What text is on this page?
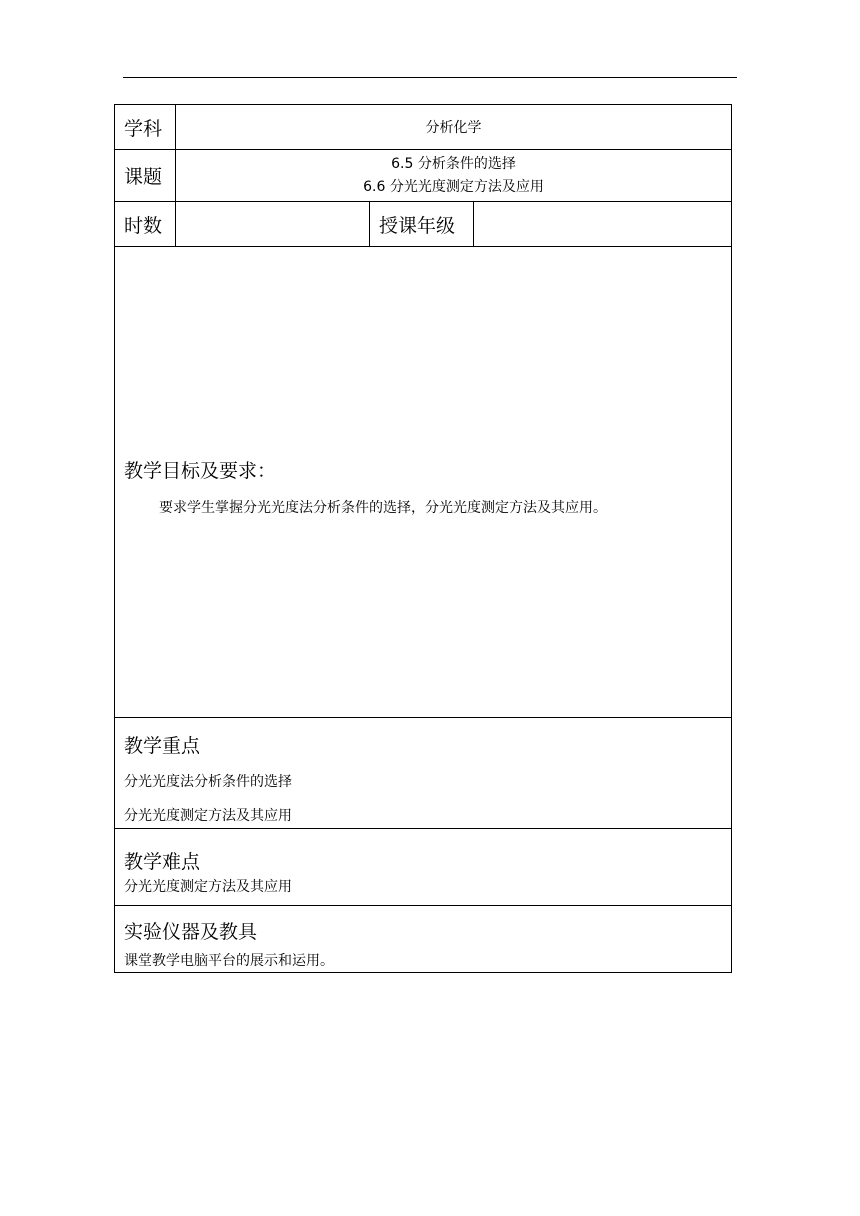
学科	分析化学		
课题	6.5 分析条件的选择
6.6 分光光度测定方法及应用		

时数		授课年级	

教学目标及要求：

要求学生掌握分光光度法分析条件的选择，分光光度测定方法及其应用。			

教学重点

分光光度法分析条件的选择

分光光度测定方法及其应用			

教学难点

分光光度测定方法及其应用			

实验仪器及教具

课堂教学电脑平台的展示和运用。			
